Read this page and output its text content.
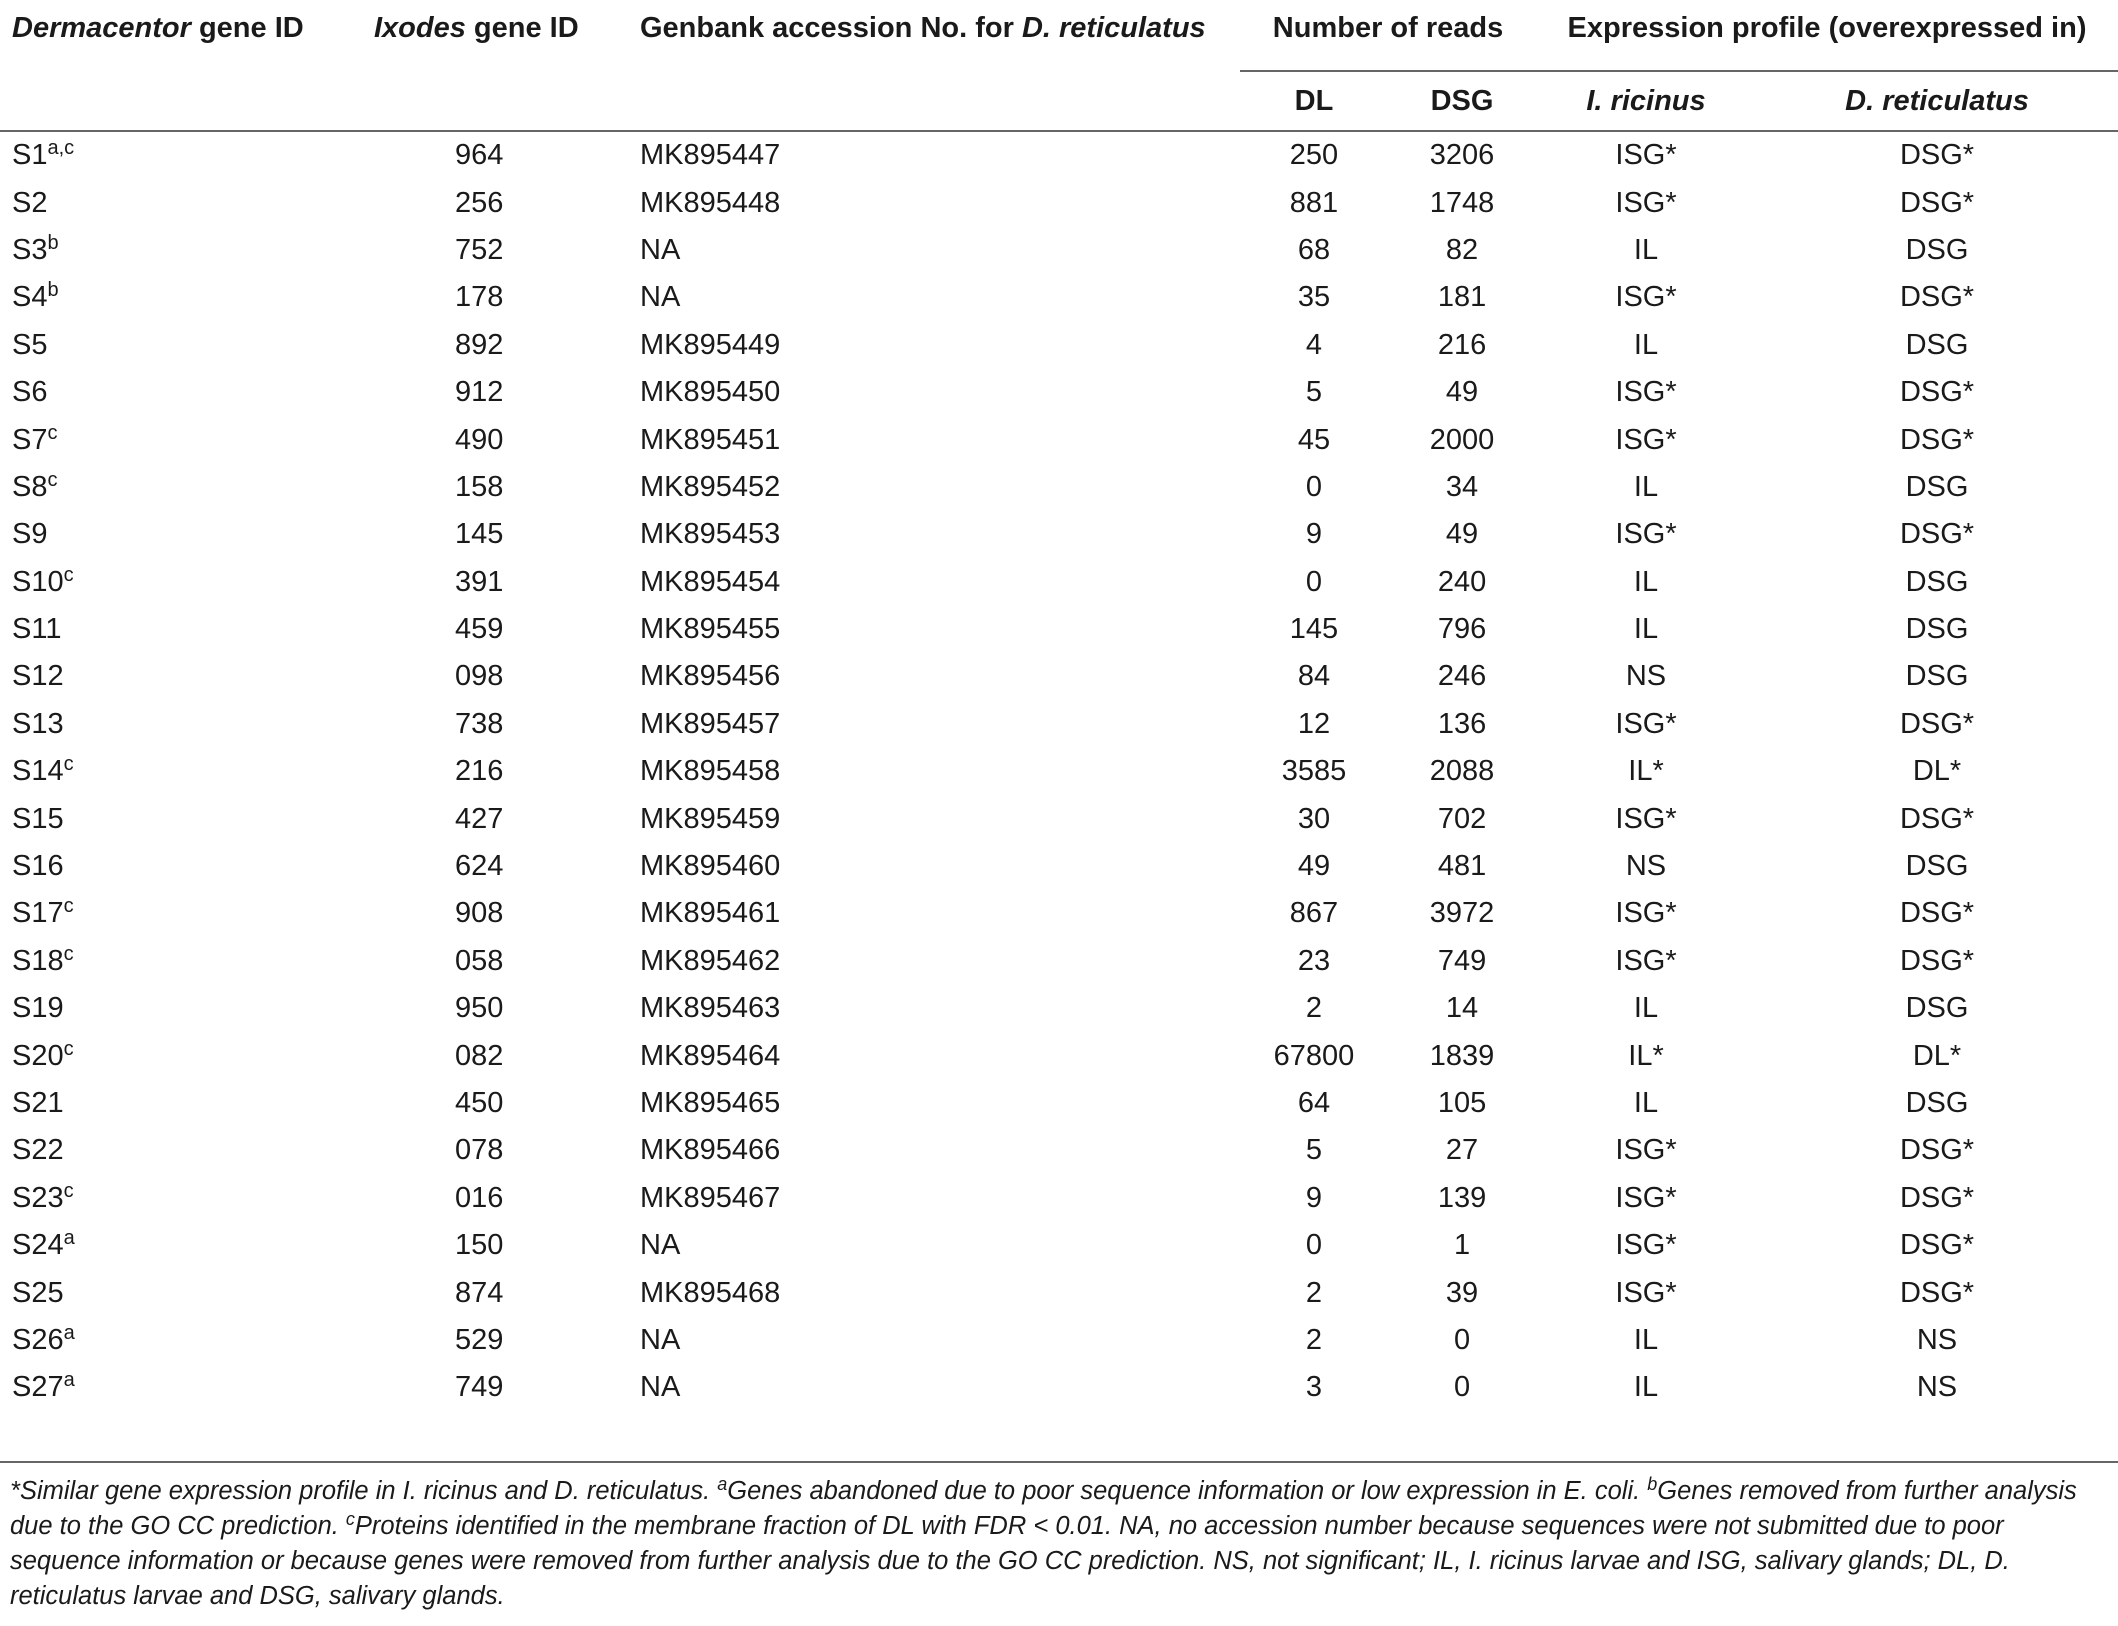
Dermacentor gene ID	Ixodes gene ID	Genbank accession No. for D. reticulatus	Number of reads		Expression profile (overexpressed in)	
			DL	DSG	I. ricinus	D. reticulatus
S1$^{a,c}$	964	MK895447	250	3206	ISG*	DSG*
S2	256	MK895448	881	1748	ISG*	DSG*
S3$^b$	752	NA	68	82	IL	DSG
S4$^b$	178	NA	35	181	ISG*	DSG*
S5	892	MK895449	4	216	IL	DSG
S6	912	MK895450	5	49	ISG*	DSG*
S7$^c$	490	MK895451	45	2000	ISG*	DSG*
S8$^c$	158	MK895452	0	34	IL	DSG
S9	145	MK895453	9	49	ISG*	DSG*
S10$^c$	391	MK895454	0	240	IL	DSG
S11	459	MK895455	145	796	IL	DSG
S12	098	MK895456	84	246	NS	DSG
S13	738	MK895457	12	136	ISG*	DSG*
S14$^c$	216	MK895458	3585	2088	IL*	DL*
S15	427	MK895459	30	702	ISG*	DSG*
S16	624	MK895460	49	481	NS	DSG
S17$^c$	908	MK895461	867	3972	ISG*	DSG*
S18$^c$	058	MK895462	23	749	ISG*	DSG*
S19	950	MK895463	2	14	IL	DSG
S20$^c$	082	MK895464	67800	1839	IL*	DL*
S21	450	MK895465	64	105	IL	DSG
S22	078	MK895466	5	27	ISG*	DSG*
S23$^c$	016	MK895467	9	139	ISG*	DSG*
S24$^a$	150	NA	0	1	ISG*	DSG*
S25	874	MK895468	2	39	ISG*	DSG*
S26$^a$	529	NA	2	0	IL	NS
S27$^a$	749	NA	3	0	IL	NS
*Similar gene expression profile in I. ricinus and D. reticulatus. $^a$Genes abandoned due to poor sequence information or low expression in E. coli. $^b$Genes removed from further analysis due to the GO CC prediction. $^c$Proteins identified in the membrane fraction of DL with FDR < 0.01. NA, no accession number because sequences were not submitted due to poor sequence information or because genes were removed from further analysis due to the GO CC prediction. NS, not significant; IL, I. ricinus larvae and ISG, salivary glands; DL, D. reticulatus larvae and DSG, salivary glands.
